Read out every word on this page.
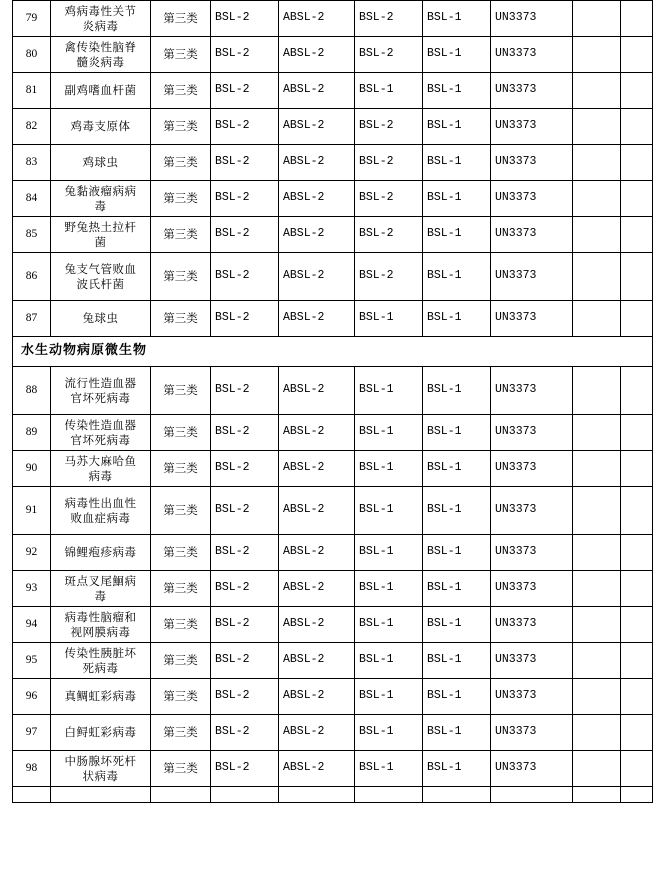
79	鸡病毒性关节
炎病毒	第三类	BSL-2	ABSL-2	BSL-2	BSL-1	UN3373		
80	禽传染性脑脊
髓炎病毒	第三类	BSL-2	ABSL-2	BSL-2	BSL-1	UN3373		
81	副鸡嗜血杆菌	第三类	BSL-2	ABSL-2	BSL-1	BSL-1	UN3373		
82	鸡毒支原体	第三类	BSL-2	ABSL-2	BSL-2	BSL-1	UN3373		
83	鸡球虫	第三类	BSL-2	ABSL-2	BSL-2	BSL-1	UN3373		
84	兔黏液瘤病病
毒	第三类	BSL-2	ABSL-2	BSL-2	BSL-1	UN3373		
85	野兔热土拉杆
菌	第三类	BSL-2	ABSL-2	BSL-2	BSL-1	UN3373		
86	兔支气管败血
波氏杆菌	第三类	BSL-2	ABSL-2	BSL-2	BSL-1	UN3373		
87	兔球虫	第三类	BSL-2	ABSL-2	BSL-1	BSL-1	UN3373		
水生动物病原微生物									
88	流行性造血器
官坏死病毒	第三类	BSL-2	ABSL-2	BSL-1	BSL-1	UN3373		
89	传染性造血器
官坏死病毒	第三类	BSL-2	ABSL-2	BSL-1	BSL-1	UN3373		
90	马苏大麻哈鱼
病毒	第三类	BSL-2	ABSL-2	BSL-1	BSL-1	UN3373		
91	病毒性出血性
败血症病毒	第三类	BSL-2	ABSL-2	BSL-1	BSL-1	UN3373		
92	锦鲤疱疹病毒	第三类	BSL-2	ABSL-2	BSL-1	BSL-1	UN3373		
93	斑点叉尾鮰病
毒	第三类	BSL-2	ABSL-2	BSL-1	BSL-1	UN3373		
94	病毒性脑瘤和
视网膜病毒	第三类	BSL-2	ABSL-2	BSL-1	BSL-1	UN3373		
95	传染性胰脏坏
死病毒	第三类	BSL-2	ABSL-2	BSL-1	BSL-1	UN3373		
96	真鲷虹彩病毒	第三类	BSL-2	ABSL-2	BSL-1	BSL-1	UN3373		
97	白鲟虹彩病毒	第三类	BSL-2	ABSL-2	BSL-1	BSL-1	UN3373		
98	中肠腺坏死杆
状病毒	第三类	BSL-2	ABSL-2	BSL-1	BSL-1	UN3373		
